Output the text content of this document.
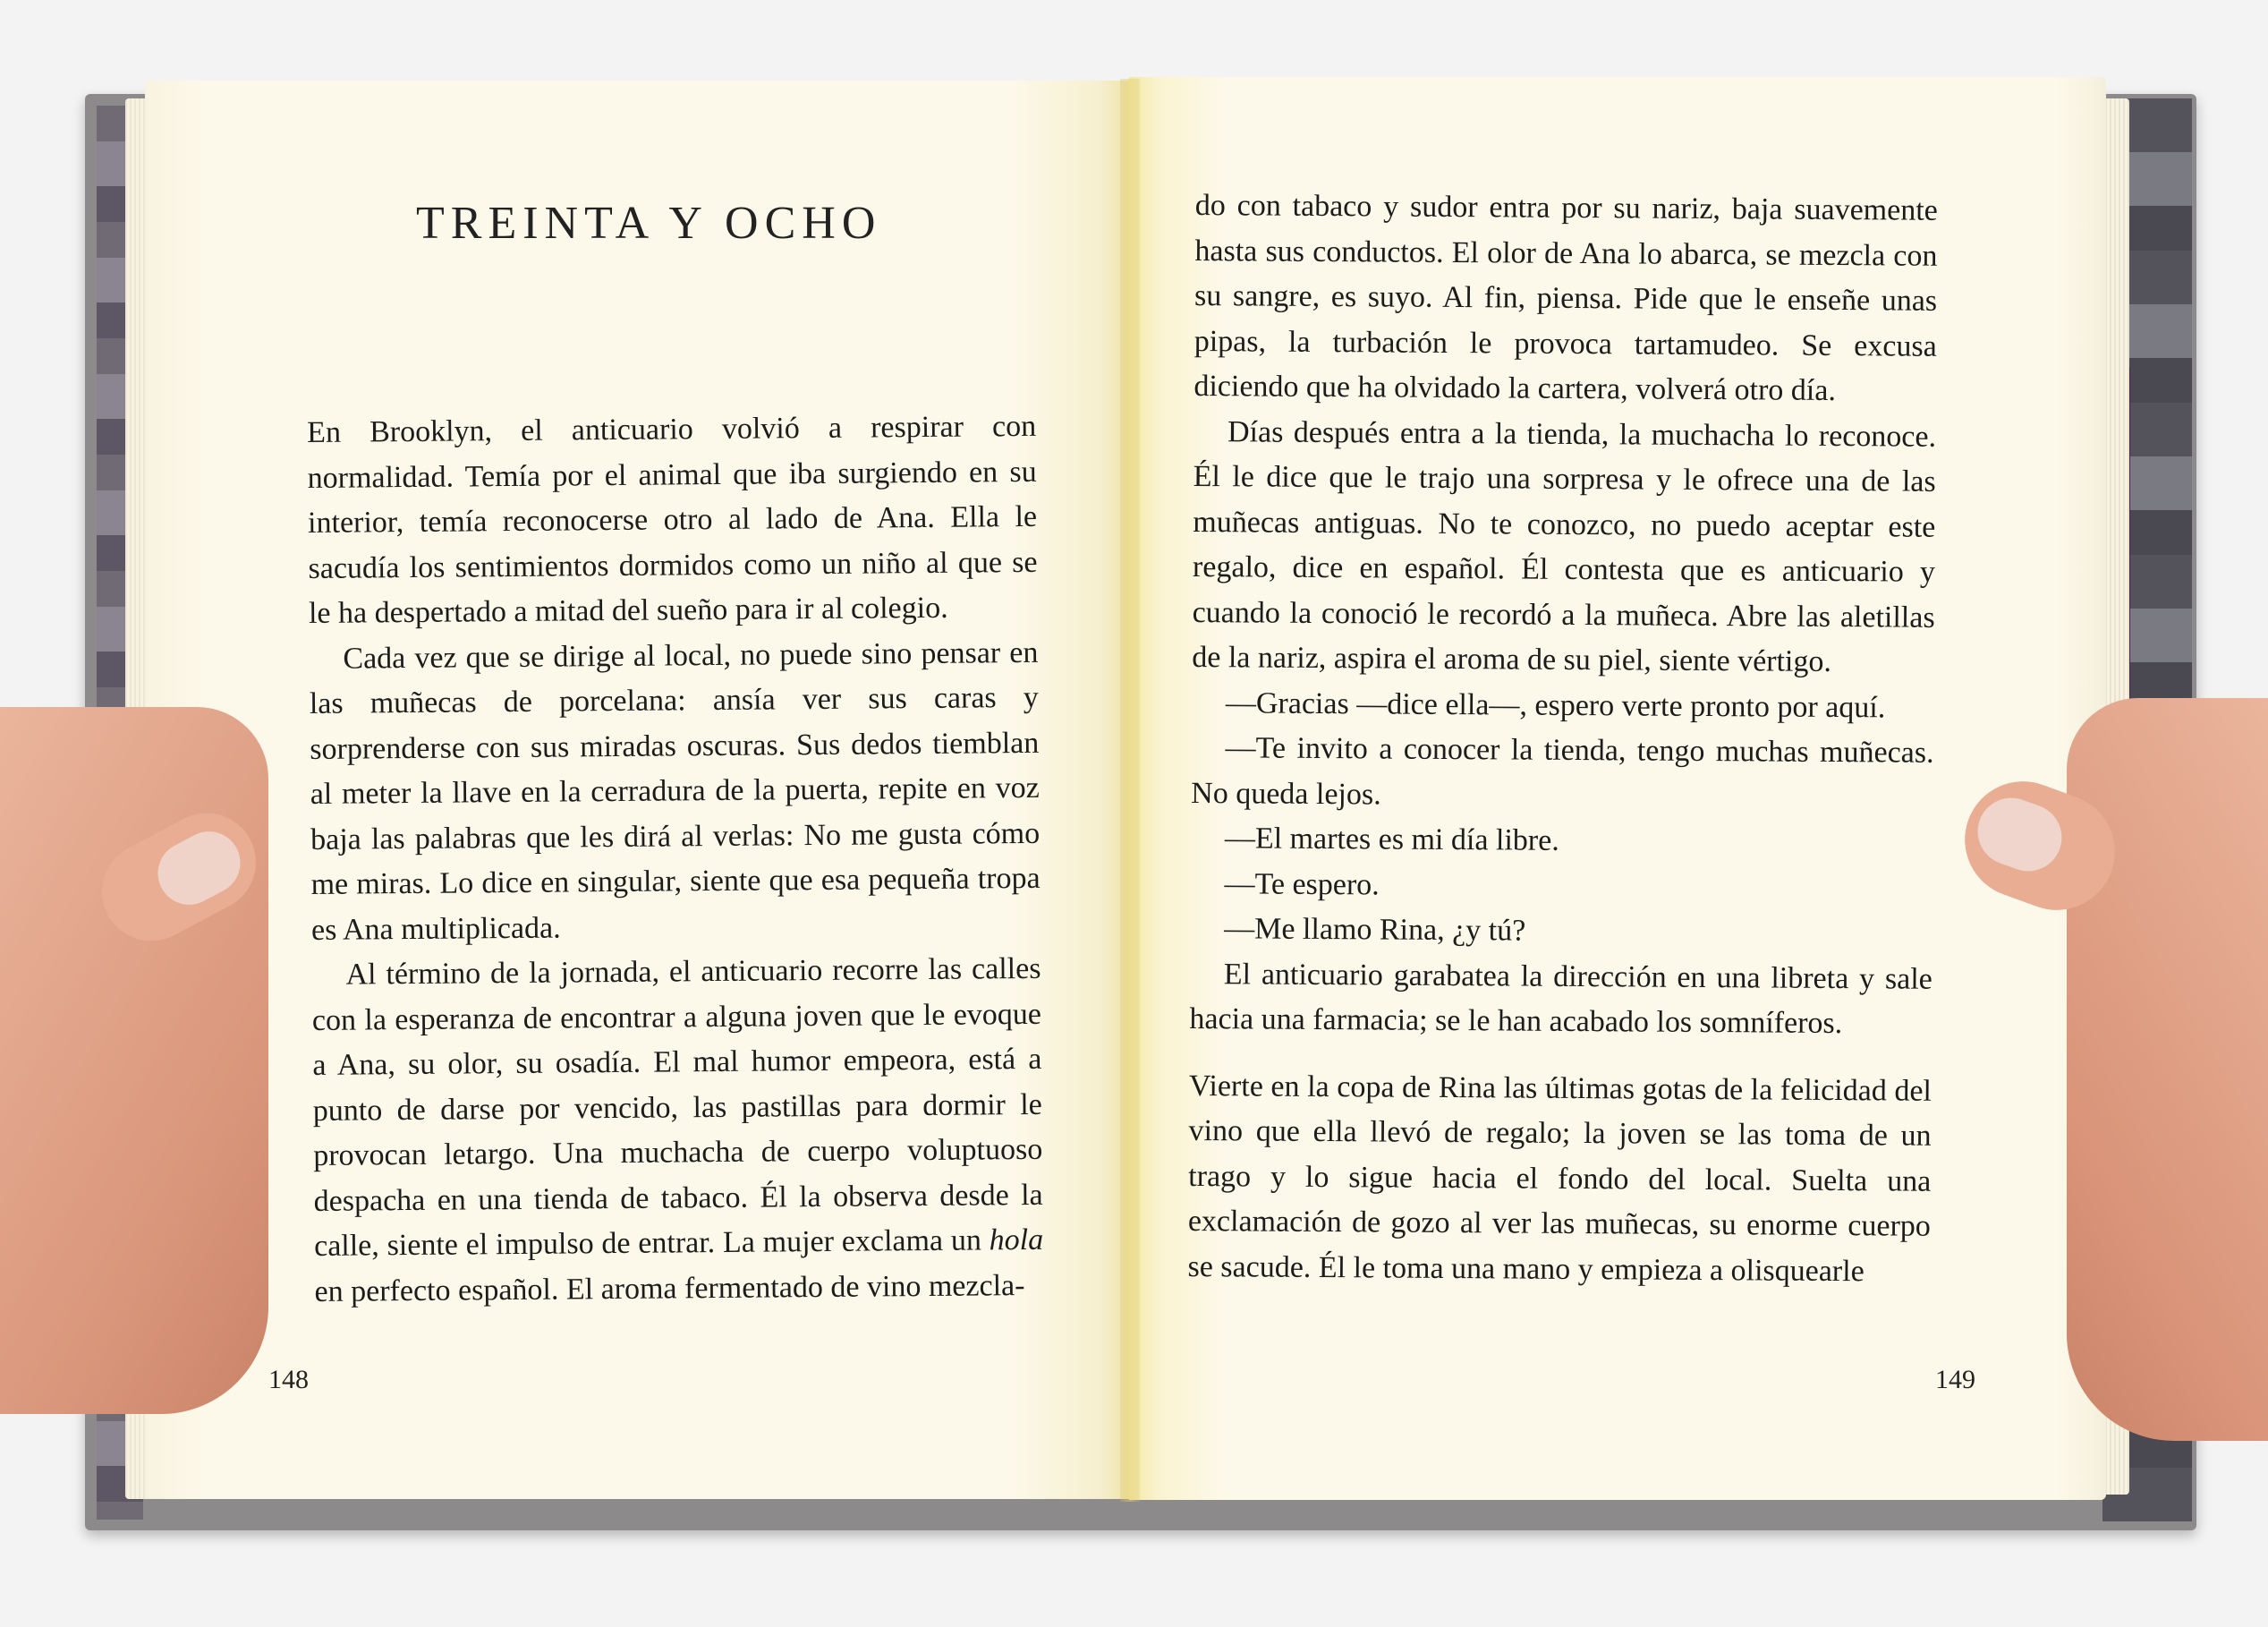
TREINTA Y OCHO

En Brooklyn, el anticuario volvió a respirar con normalidad. Temía por el animal que iba surgiendo en su interior, temía reconocerse otro al lado de Ana. Ella le sacudía los sentimientos dormidos como un niño al que se le ha despertado a mitad del sueño para ir al colegio.

Cada vez que se dirige al local, no puede sino pensar en las muñecas de porcelana: ansía ver sus caras y sorprenderse con sus miradas oscuras. Sus dedos tiemblan al meter la llave en la cerradura de la puerta, repite en voz baja las palabras que les dirá al verlas: No me gusta cómo me miras. Lo dice en singular, siente que esa pequeña tropa es Ana multiplicada.

Al término de la jornada, el anticuario recorre las calles con la esperanza de encontrar a alguna joven que le evoque a Ana, su olor, su osadía. El mal humor empeora, está a punto de darse por vencido, las pastillas para dormir le provocan letargo. Una muchacha de cuerpo voluptuoso despacha en una tienda de tabaco. Él la observa desde la calle, siente el impulso de entrar. La mujer exclama un hola en perfecto español. El aroma fermentado de vino mezcla-

do con tabaco y sudor entra por su nariz, baja suavemente hasta sus conductos. El olor de Ana lo abarca, se mezcla con su sangre, es suyo. Al fin, piensa. Pide que le enseñe unas pipas, la turbación le provoca tartamudeo. Se excusa diciendo que ha olvidado la cartera, volverá otro día.

Días después entra a la tienda, la muchacha lo reconoce. Él le dice que le trajo una sorpresa y le ofrece una de las muñecas antiguas. No te conozco, no puedo aceptar este regalo, dice en español. Él contesta que es anticuario y cuando la conoció le recordó a la muñeca. Abre las aletillas de la nariz, aspira el aroma de su piel, siente vértigo.

—Gracias —dice ella—, espero verte pronto por aquí.

—Te invito a conocer la tienda, tengo muchas muñecas. No queda lejos.

—El martes es mi día libre.

—Te espero.

—Me llamo Rina, ¿y tú?

El anticuario garabatea la dirección en una libreta y sale hacia una farmacia; se le han acabado los somníferos.

Vierte en la copa de Rina las últimas gotas de la felicidad del vino que ella llevó de regalo; la joven se las toma de un trago y lo sigue hacia el fondo del local. Suelta una exclamación de gozo al ver las muñecas, su enorme cuerpo se sacude. Él le toma una mano y empieza a olisquearle

148	149
